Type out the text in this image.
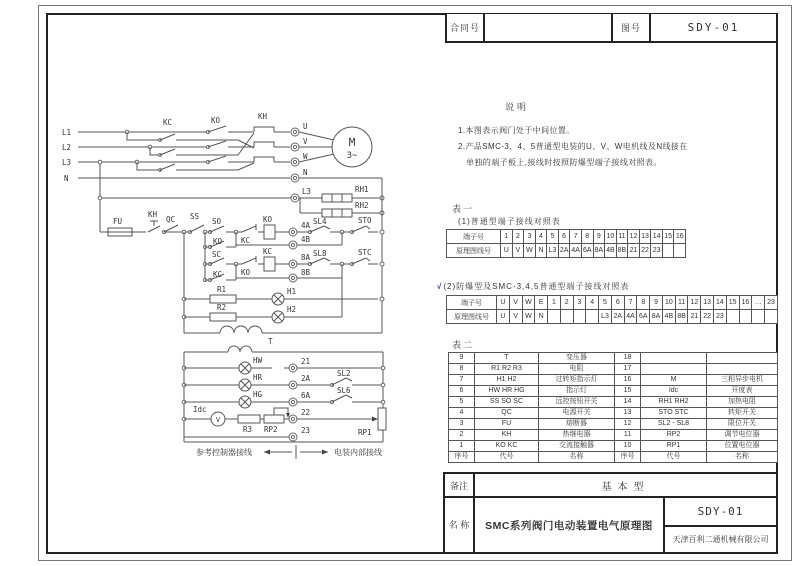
合同号	图号	SDY-01
说明
1.本图表示阀门处于中间位置。
2.产品SMC-3、4、5普通型电装的U、V、W电机线及N线接在
单独的端子板上,接线时按照防爆型端子接线对照表。
表一
(1)普通型端子接线对照表
端子号	1	2	3	4	5	6	7	8	9	10	11	12	13	14	15	16
原理图线号	U	V	W	N	L3	2A	4A	6A	8A	4B	8B	21	22	23		
√(2)防爆型及SMC-3,4,5普通型端子接线对照表
端子号	U	V	W	E	1	2	3	4	5	6	7	8	9	10	11	12	13	14	15	16	…	23
原理图线号	U	V	W	N					L3	2A	4A	6A	8A	4B	8B	21	22	23				
表二
9	T	变压器	18		
8	R1 R2 R3	电阻	17		
7	H1 H2	过转矩指示灯	16	M	三相异步电机
6	HW HR HG	指示灯	15	Idc	开度表
5	SS SO SC	远控按钮开关	14	RH1 RH2	加热电阻
4	QC	电源开关	13	STO STC	转矩开关
3	FU	熔断器	12	SL2 - SL8	限位开关
2	KH	热继电器	11	RP2	调节电位器
1	KO KC	交流接触器	10	RP1	位置电位器
序号	代号	名称	序号	代号	名称
备注	基本型
名 称	SMC系列阀门电动装置电气原理图
SDY-01
天津百利二通机械有限公司
M
3~
参考控制器接线	电装内部接线
L1
L2
L3
N
KC	KO	KH
U
V
W
N
L3	RH1
RH2
FU
KH
QC SS
SO
KO	KC
KO
SC
KC	KO
KC
4A
4B
8A
8B
SL4	STO
SL8	STC
R1
R2
H1
H2
T
HW
HR
HG
21
2A
6A
22
23
SL2
SL6
Idc
V
R3 RP2	RP1
